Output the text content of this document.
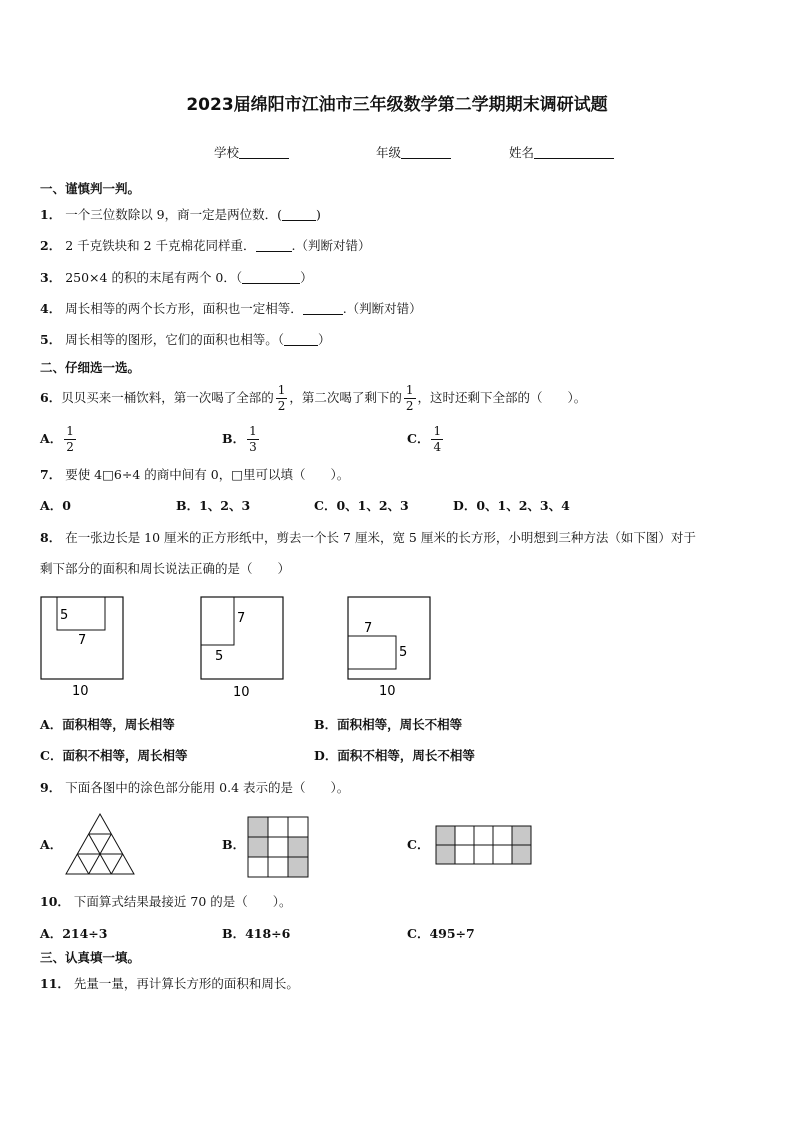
2023届绵阳市江油市三年级数学第二学期期末调研试题
学校	年级	姓名
一、谨慎判一判。
1． 一个三位数除以 9，商一定是两位数．(	)
2． 2 千克铁块和 2 千克棉花同样重．	.（判断对错）
3． 250×4 的积的末尾有两个 0．（	）
4． 周长相等的两个长方形，面积也一定相等．	.（判断对错）
5． 周长相等的图形，它们的面积也相等。（	）
二、仔细选一选。
6． 贝贝买来一桶饮料，第一次喝了全部的 $\frac{1}{2}$ ，第二次喝了剩下的 $\frac{1}{2}$ ，这时还剩下全部的（　　）。
A． $\frac{1}{2}$	B． $\frac{1}{3}$	C． $\frac{1}{4}$
7． 要使 4□6÷4 的商中间有 0，□里可以填（　　）。
A．0	B．1、2、3	C．0、1、2、3	D．0、1、2、3、4
8． 在一张边长是 10 厘米的正方形纸中，剪去一个长 7 厘米，宽 5 厘米的长方形，小明想到三种方法（如下图）对于
剩下部分的面积和周长说法正确的是（　　）
5
7
10
7
5
10
7
5
10
A．面积相等，周长相等	B．面积相等，周长不相等
C．面积不相等，周长相等	D．面积不相等，周长不相等
9． 下面各图中的涂色部分能用 0.4 表示的是（　　）。
A．	B．	C．
10． 下面算式结果最接近 70 的是（　　）。
A．214÷3	B．418÷6	C．495÷7
三、认真填一填。
11． 先量一量，再计算长方形的面积和周长。
